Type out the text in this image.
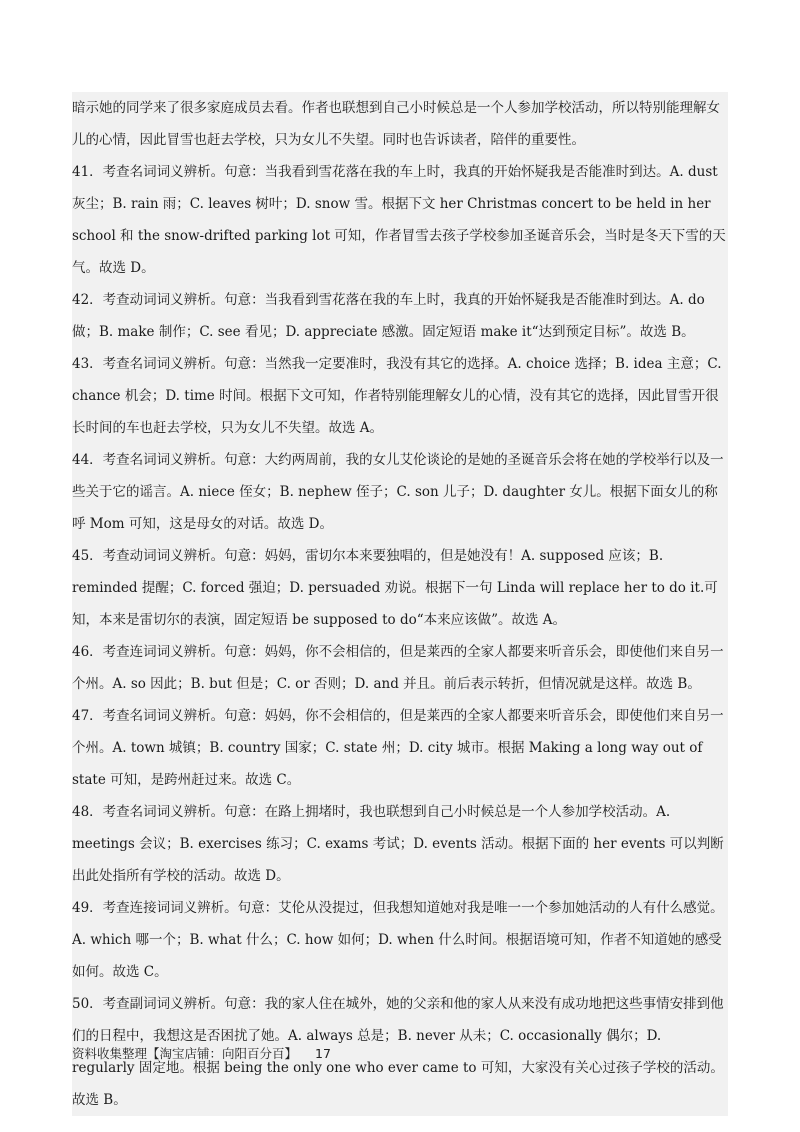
暗示她的同学来了很多家庭成员去看。作者也联想到自己小时候总是一个人参加学校活动，所以特别能理解女儿的心情，因此冒雪也赶去学校，只为女儿不失望。同时也告诉读者，陪伴的重要性。

41．考查名词词义辨析。句意：当我看到雪花落在我的车上时，我真的开始怀疑我是否能准时到达。A. dust 灰尘；B. rain 雨；C. leaves 树叶；D. snow 雪。根据下文 her Christmas concert to be held in her school 和 the snow-drifted parking lot 可知，作者冒雪去孩子学校参加圣诞音乐会，当时是冬天下雪的天气。故选 D。

42．考查动词词义辨析。句意：当我看到雪花落在我的车上时，我真的开始怀疑我是否能准时到达。A. do 做；B. make 制作；C. see 看见；D. appreciate 感激。固定短语 make it“达到预定目标”。故选 B。

43．考查名词词义辨析。句意：当然我一定要准时，我没有其它的选择。A. choice 选择；B. idea 主意；C. chance 机会；D. time 时间。根据下文可知，作者特别能理解女儿的心情，没有其它的选择，因此冒雪开很长时间的车也赶去学校，只为女儿不失望。故选 A。

44．考查名词词义辨析。句意：大约两周前，我的女儿艾伦谈论的是她的圣诞音乐会将在她的学校举行以及一些关于它的谣言。A. niece 侄女；B. nephew 侄子；C. son 儿子；D. daughter 女儿。根据下面女儿的称呼 Mom 可知，这是母女的对话。故选 D。

45．考查动词词义辨析。句意：妈妈，雷切尔本来要独唱的，但是她没有！A. supposed 应该；B. reminded 提醒；C. forced 强迫；D. persuaded 劝说。根据下一句 Linda will replace her to do it.可知，本来是雷切尔的表演，固定短语 be supposed to do“本来应该做”。故选 A。

46．考查连词词义辨析。句意：妈妈，你不会相信的，但是莱西的全家人都要来听音乐会，即使他们来自另一个州。A. so 因此；B. but 但是；C. or 否则；D. and 并且。前后表示转折，但情况就是这样。故选 B。

47．考查名词词义辨析。句意：妈妈，你不会相信的，但是莱西的全家人都要来听音乐会，即使他们来自另一个州。A. town 城镇；B. country 国家；C. state 州；D. city 城市。根据 Making a long way out of state 可知，是跨州赶过来。故选 C。

48．考查名词词义辨析。句意：在路上拥堵时，我也联想到自己小时候总是一个人参加学校活动。A. meetings 会议；B. exercises 练习；C. exams 考试；D. events 活动。根据下面的 her events 可以判断出此处指所有学校的活动。故选 D。

49．考查连接词词义辨析。句意：艾伦从没提过，但我想知道她对我是唯一一个参加她活动的人有什么感觉。A. which 哪一个；B. what 什么；C. how 如何；D. when 什么时间。根据语境可知，作者不知道她的感受如何。故选 C。

50．考查副词词义辨析。句意：我的家人住在城外，她的父亲和他的家人从来没有成功地把这些事情安排到他们的日程中，我想这是否困扰了她。A. always 总是；B. never 从未；C. occasionally 偶尔；D. regularly 固定地。根据 being the only one who ever came to 可知，大家没有关心过孩子学校的活动。故选 B。

资料收集整理【淘宝店铺：向阳百分百】 17
